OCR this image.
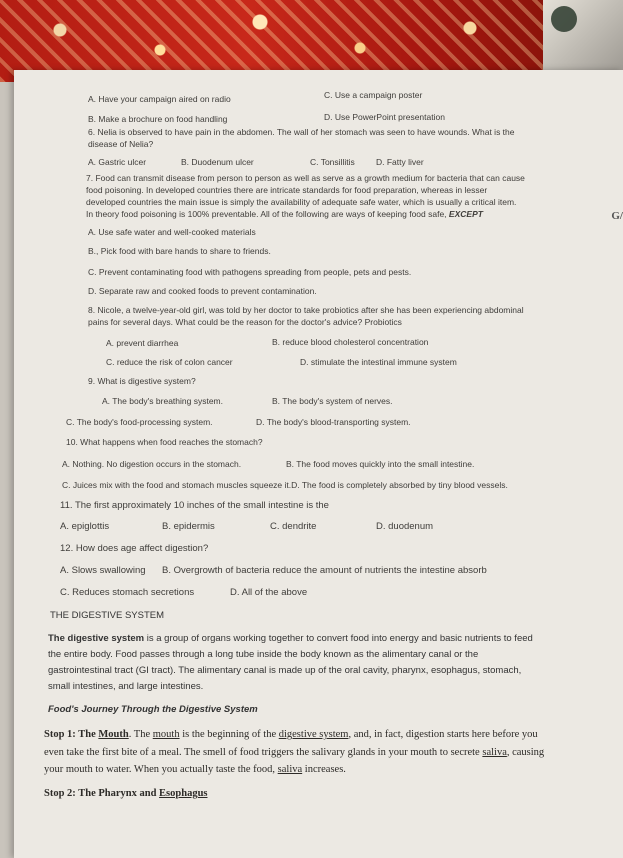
A. Have your campaign aired on radio	C. Use a campaign poster
B. Make a brochure on food handling	D. Use PowerPoint presentation
6. Nelia is observed to have pain in the abdomen. The wall of her stomach was seen to have wounds. What is the
disease of Nelia?
A. Gastric ulcer	B. Duodenum ulcer	C. Tonsillitis	D. Fatty liver
G/
7. Food can transmit disease from person to person as well as serve as a growth medium for bacteria that can cause
food poisoning. In developed countries there are intricate standards for food preparation, whereas in lesser
developed countries the main issue is simply the availability of adequate safe water, which is usually a critical item.
In theory food poisoning is 100% preventable. All of the following are ways of keeping food safe, EXCEPT
A. Use safe water and well-cooked materials
B., Pick food with bare hands to share to friends.
C. Prevent contaminating food with pathogens spreading from people, pets and pests.
D. Separate raw and cooked foods to prevent contamination.
8. Nicole, a twelve-year-old girl, was told by her doctor to take probiotics after she has been experiencing abdominal
pains for several days. What could be the reason for the doctor's advice? Probiotics
A. prevent diarrhea	B. reduce blood cholesterol concentration
C. reduce the risk of colon cancer	D. stimulate the intestinal immune system
9. What is digestive system?
A. The body's breathing system.	B. The body's system of nerves.
C. The body's food-processing system.	D. The body's blood-transporting system.
10. What happens when food reaches the stomach?
A. Nothing. No digestion occurs in the stomach.	B. The food moves quickly into the small intestine.
C. Juices mix with the food and stomach muscles squeeze it.D. The food is completely absorbed by tiny blood vessels.
11. The first approximately 10 inches of the small intestine is the
A. epiglottis	B. epidermis	C. dendrite	D. duodenum
12. How does age affect digestion?
A. Slows swallowing B. Overgrowth of bacteria reduce the amount of nutrients the intestine absorb
C. Reduces stomach secretions	D. All of the above
THE DIGESTIVE SYSTEM
The digestive system is a group of organs working together to convert food into energy and basic nutrients to feed
the entire body. Food passes through a long tube inside the body known as the alimentary canal or the
gastrointestinal tract (GI tract). The alimentary canal is made up of the oral cavity, pharynx, esophagus, stomach,
small intestines, and large intestines.
Food's Journey Through the Digestive System
Stop 1: The Mouth. The mouth is the beginning of the digestive system, and, in fact, digestion starts here before you
even take the first bite of a meal. The smell of food triggers the salivary glands in your mouth to secrete saliva, causing
your mouth to water. When you actually taste the food, saliva increases.
Stop 2: The Pharynx and Esophagus
